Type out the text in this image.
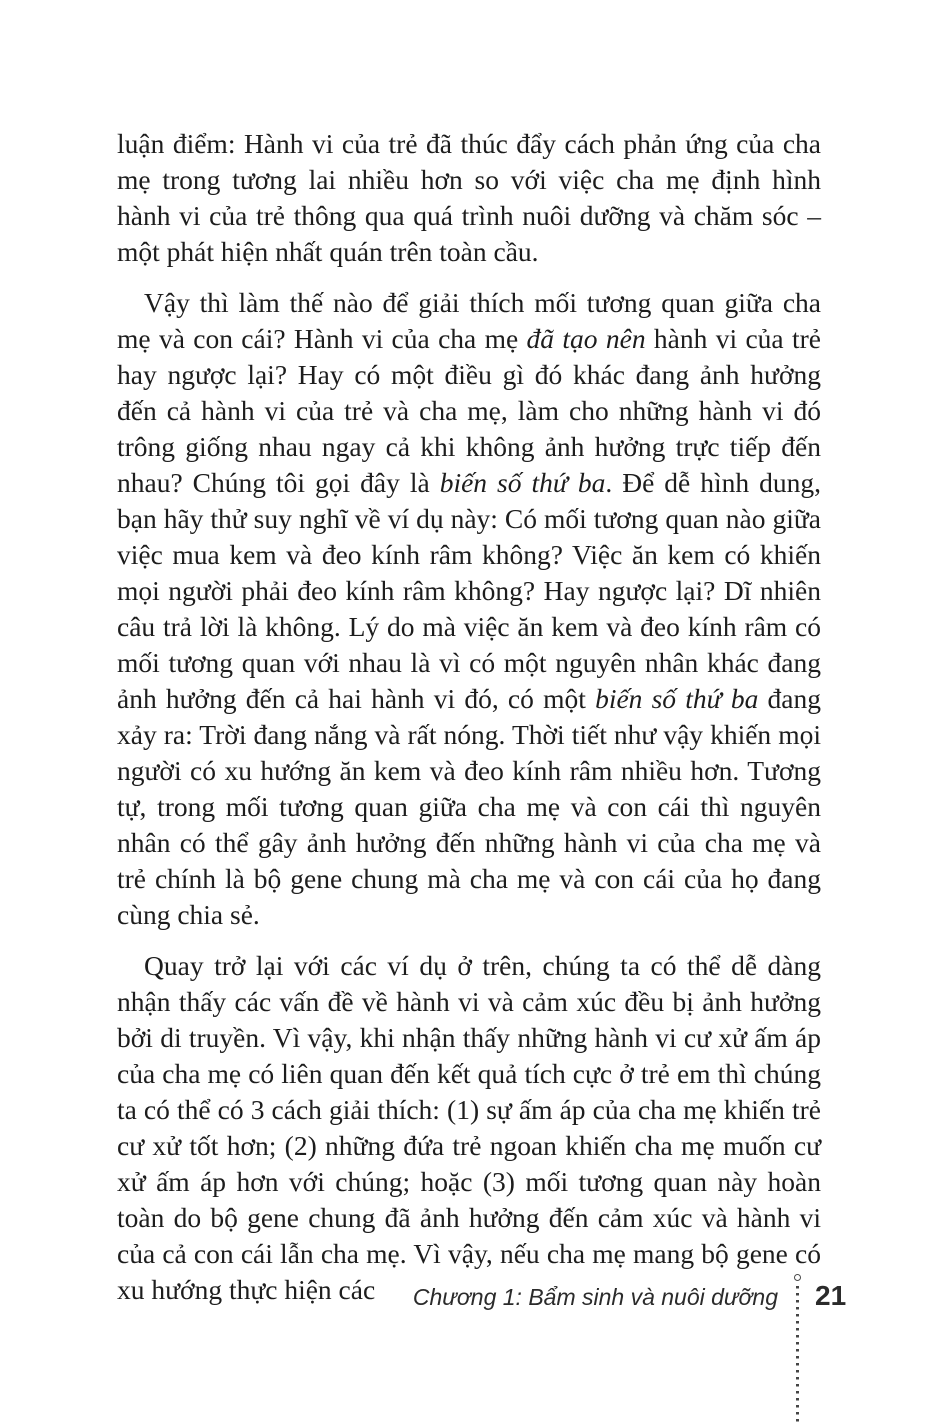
luận điểm: Hành vi của trẻ đã thúc đẩy cách phản ứng của cha mẹ trong tương lai nhiều hơn so với việc cha mẹ định hình hành vi của trẻ thông qua quá trình nuôi dưỡng và chăm sóc – một phát hiện nhất quán trên toàn cầu.

Vậy thì làm thế nào để giải thích mối tương quan giữa cha mẹ và con cái? Hành vi của cha mẹ đã tạo nên hành vi của trẻ hay ngược lại? Hay có một điều gì đó khác đang ảnh hưởng đến cả hành vi của trẻ và cha mẹ, làm cho những hành vi đó trông giống nhau ngay cả khi không ảnh hưởng trực tiếp đến nhau? Chúng tôi gọi đây là biến số thứ ba. Để dễ hình dung, bạn hãy thử suy nghĩ về ví dụ này: Có mối tương quan nào giữa việc mua kem và đeo kính râm không? Việc ăn kem có khiến mọi người phải đeo kính râm không? Hay ngược lại? Dĩ nhiên câu trả lời là không. Lý do mà việc ăn kem và đeo kính râm có mối tương quan với nhau là vì có một nguyên nhân khác đang ảnh hưởng đến cả hai hành vi đó, có một biến số thứ ba đang xảy ra: Trời đang nắng và rất nóng. Thời tiết như vậy khiến mọi người có xu hướng ăn kem và đeo kính râm nhiều hơn. Tương tự, trong mối tương quan giữa cha mẹ và con cái thì nguyên nhân có thể gây ảnh hưởng đến những hành vi của cha mẹ và trẻ chính là bộ gene chung mà cha mẹ và con cái của họ đang cùng chia sẻ.

Quay trở lại với các ví dụ ở trên, chúng ta có thể dễ dàng nhận thấy các vấn đề về hành vi và cảm xúc đều bị ảnh hưởng bởi di truyền. Vì vậy, khi nhận thấy những hành vi cư xử ấm áp của cha mẹ có liên quan đến kết quả tích cực ở trẻ em thì chúng ta có thể có 3 cách giải thích: (1) sự ấm áp của cha mẹ khiến trẻ cư xử tốt hơn; (2) những đứa trẻ ngoan khiến cha mẹ muốn cư xử ấm áp hơn với chúng; hoặc (3) mối tương quan này hoàn toàn do bộ gene chung đã ảnh hưởng đến cảm xúc và hành vi của cả con cái lẫn cha mẹ. Vì vậy, nếu cha mẹ mang bộ gene có xu hướng thực hiện các	Chương 1: Bẩm sinh và nuôi dưỡng 21
